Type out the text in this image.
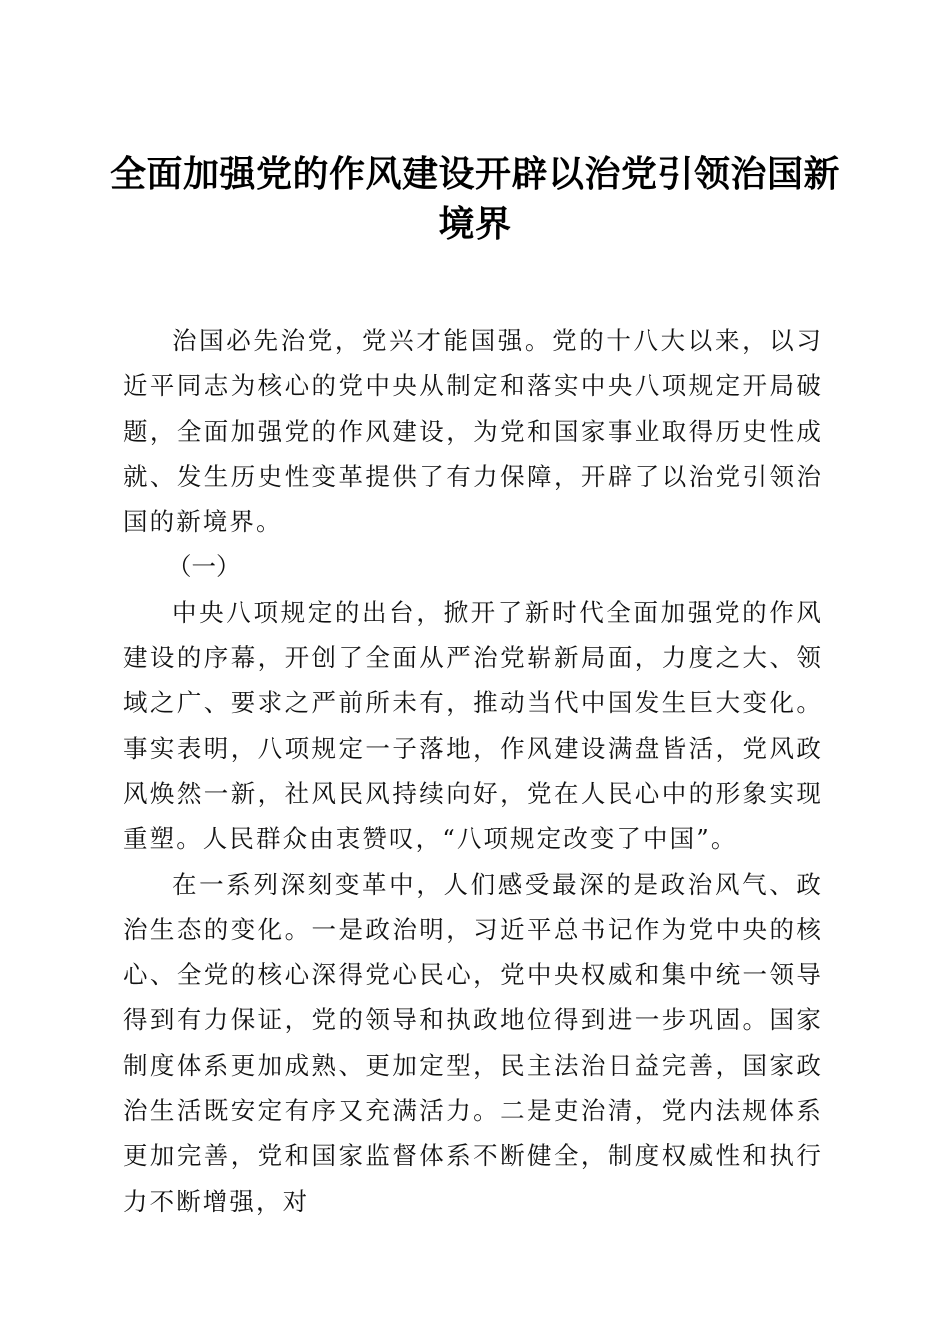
全面加强党的作风建设开辟以治党引领治国新境界

治国必先治党，党兴才能国强。党的十八大以来，以习近平同志为核心的党中央从制定和落实中央八项规定开局破题，全面加强党的作风建设，为党和国家事业取得历史性成就、发生历史性变革提供了有力保障，开辟了以治党引领治国的新境界。

（一）

中央八项规定的出台，掀开了新时代全面加强党的作风建设的序幕，开创了全面从严治党崭新局面，力度之大、领域之广、要求之严前所未有，推动当代中国发生巨大变化。事实表明，八项规定一子落地，作风建设满盘皆活，党风政风焕然一新，社风民风持续向好，党在人民心中的形象实现重塑。人民群众由衷赞叹，“八项规定改变了中国”。

在一系列深刻变革中，人们感受最深的是政治风气、政治生态的变化。一是政治明，习近平总书记作为党中央的核心、全党的核心深得党心民心，党中央权威和集中统一领导得到有力保证，党的领导和执政地位得到进一步巩固。国家制度体系更加成熟、更加定型，民主法治日益完善，国家政治生活既安定有序又充满活力。二是吏治清，党内法规体系更加完善，党和国家监督体系不断健全，制度权威性和执行力不断增强，对
